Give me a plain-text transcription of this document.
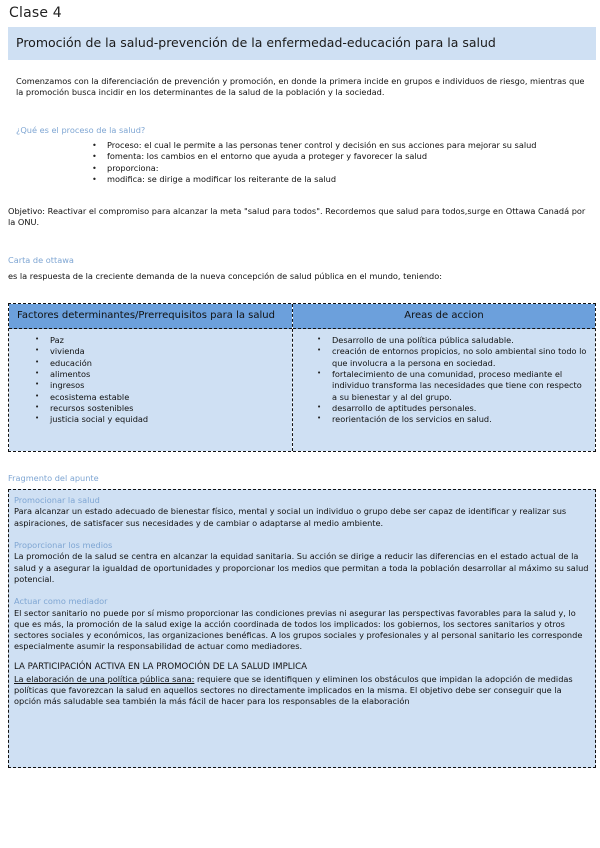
Clase 4
Promoción de la salud-prevención de la enfermedad-educación para la salud
Comenzamos con la diferenciación de prevención y promoción, en donde la primera incide en grupos e individuos de riesgo, mientras que la promoción busca incidir en los determinantes de la salud de la población y la sociedad.
¿Qué es el proceso de la salud?
• Proceso: el cual le permite a las personas tener control y decisión en sus acciones para mejorar su salud
• fomenta: los cambios en el entorno que ayuda a proteger y favorecer la salud
• proporciona:
• modifica: se dirige a modificar los reiterante de la salud
Objetivo: Reactivar el compromiso para alcanzar la meta "salud para todos". Recordemos que salud para todos,surge en Ottawa Canadá por la ONU.
Carta de ottawa
es la respuesta de la creciente demanda de la nueva concepción de salud pública en el mundo, teniendo:
Factores determinantes/Prerrequisitos para la salud
• Paz
• vivienda
• educación
• alimentos
• ingresos
• ecosistema estable
• recursos sostenibles
• justicia social y equidad
Areas de accion
• Desarrollo de una política pública saludable.
• creación de entornos propicios, no solo ambiental sino todo lo que involucra a la persona en sociedad.
• fortalecimiento de una comunidad, proceso mediante el individuo transforma las necesidades que tiene con respecto a su bienestar y al del grupo.
• desarrollo de aptitudes personales.
• reorientación de los servicios en salud.
Fragmento del apunte
Promocionar la salud

Para alcanzar un estado adecuado de bienestar físico, mental y social un individuo o grupo debe ser capaz de identificar y realizar sus aspiraciones, de satisfacer sus necesidades y de cambiar o adaptarse al medio ambiente.

Proporcionar los medios

La promoción de la salud se centra en alcanzar la equidad sanitaria. Su acción se dirige a reducir las diferencias en el estado actual de la salud y a asegurar la igualdad de oportunidades y proporcionar los medios que permitan a toda la población desarrollar al máximo su salud potencial.

Actuar como mediador

El sector sanitario no puede por sí mismo proporcionar las condiciones previas ni asegurar las perspectivas favorables para la salud y, lo que es más, la promoción de la salud exige la acción coordinada de todos los implicados: los gobiernos, los sectores sanitarios y otros sectores sociales y económicos, las organizaciones benéficas. A los grupos sociales y profesionales y al personal sanitario les corresponde especialmente asumir la responsabilidad de actuar como mediadores.

LA PARTICIPACIÓN ACTIVA EN LA PROMOCIÓN DE LA SALUD IMPLICA

La elaboración de una política pública sana: requiere que se identifiquen y eliminen los obstáculos que impidan la adopción de medidas políticas que favorezcan la salud en aquellos sectores no directamente implicados en la misma. El objetivo debe ser conseguir que la opción más saludable sea también la más fácil de hacer para los responsables de la elaboración
